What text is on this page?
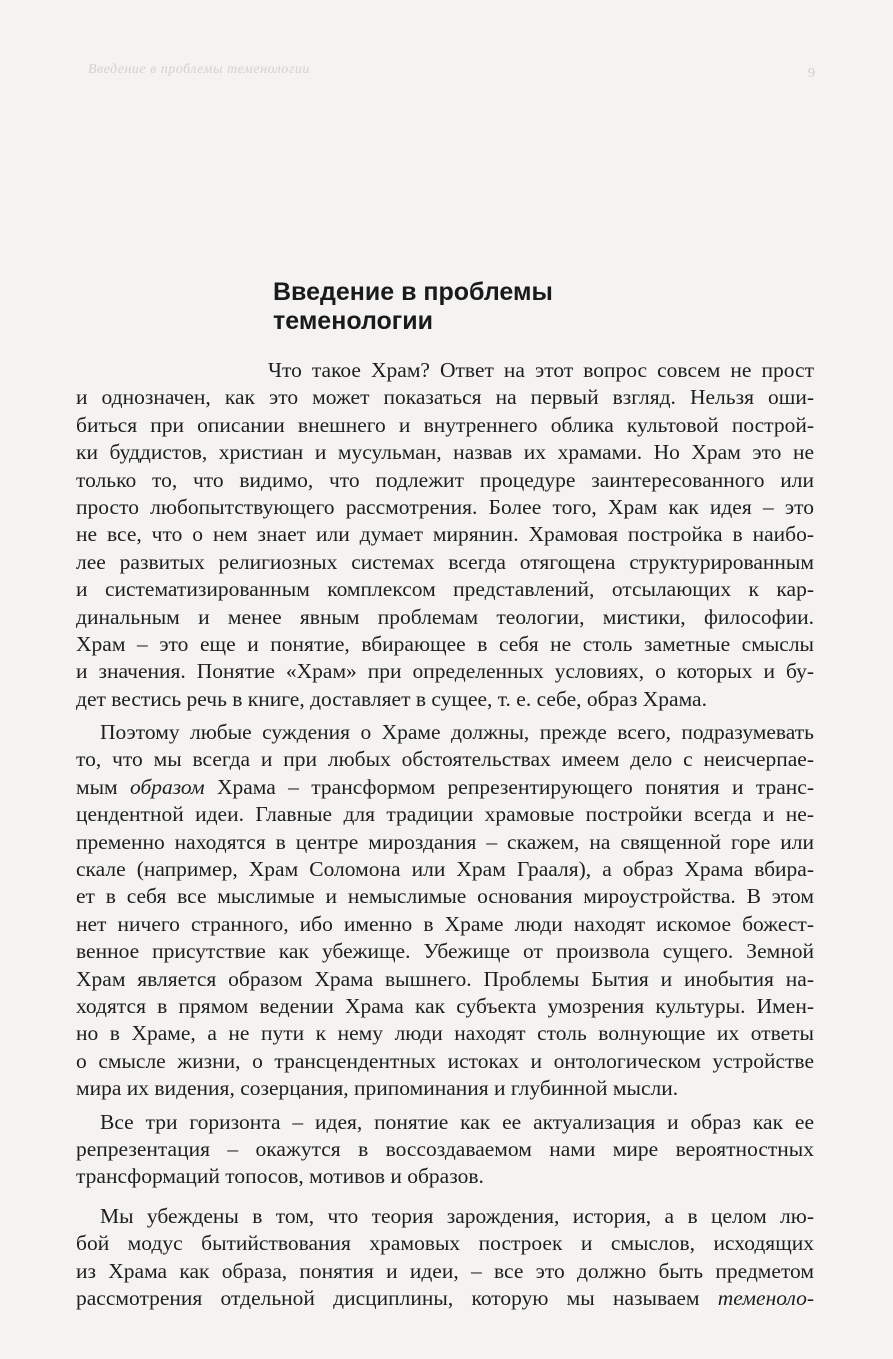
Введение в проблемы теменологии	9
Введение в проблемы
теменологии
Что такое Храм? Ответ на этот вопрос совсем не прост
и однозначен, как это может показаться на первый взгляд. Нельзя оши-
биться при описании внешнего и внутреннего облика культовой построй-
ки буддистов, христиан и мусульман, назвав их храмами. Но Храм это не
только то, что видимо, что подлежит процедуре заинтересованного или
просто любопытствующего рассмотрения. Более того, Храм как идея – это
не все, что о нем знает или думает мирянин. Храмовая постройка в наибо-
лее развитых религиозных системах всегда отягощена структурированным
и систематизированным комплексом представлений, отсылающих к кар-
динальным и менее явным проблемам теологии, мистики, философии.
Храм – это еще и понятие, вбирающее в себя не столь заметные смыслы
и значения. Понятие «Храм» при определенных условиях, о которых и бу-
дет вестись речь в книге, доставляет в сущее, т. е. себе, образ Храма.
Поэтому любые суждения о Храме должны, прежде всего, подразумевать
то, что мы всегда и при любых обстоятельствах имеем дело с неисчерпае-
мым образом Храма – трансформом репрезентирующего понятия и транс-
цендентной идеи. Главные для традиции храмовые постройки всегда и не-
пременно находятся в центре мироздания – скажем, на священной горе или
скале (например, Храм Соломона или Храм Грааля), а образ Храма вбира-
ет в себя все мыслимые и немыслимые основания мироустройства. В этом
нет ничего странного, ибо именно в Храме люди находят искомое божест-
венное присутствие как убежище. Убежище от произвола сущего. Земной
Храм является образом Храма вышнего. Проблемы Бытия и инобытия на-
ходятся в прямом ведении Храма как субъекта умозрения культуры. Имен-
но в Храме, а не пути к нему люди находят столь волнующие их ответы
о смысле жизни, о трансцендентных истоках и онтологическом устройстве
мира их видения, созерцания, припоминания и глубинной мысли.
Все три горизонта – идея, понятие как ее актуализация и образ как ее
репрезентация – окажутся в воссоздаваемом нами мире вероятностных
трансформаций топосов, мотивов и образов.
Мы убеждены в том, что теория зарождения, история, а в целом лю-
бой модус бытийствования храмовых построек и смыслов, исходящих
из Храма как образа, понятия и идеи, – все это должно быть предметом
рассмотрения отдельной дисциплины, которую мы называем теменоло-
